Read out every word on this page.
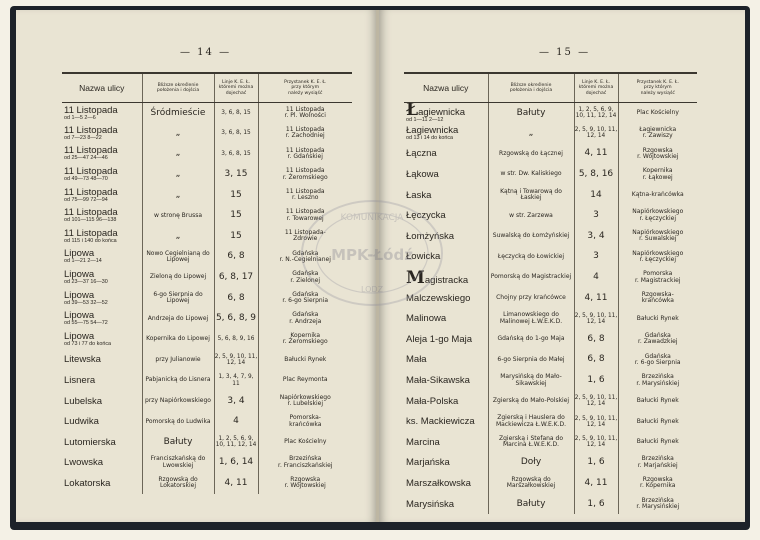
— 14 —
Nazwa ulicy	Bliższe określenie
położenia i dojścia	Linje K. E. Ł.
któremi można
dojechać	Przystanek K. E. Ł.
przy którym
należy wysiąść
11 Listopada
od 1—5 2—6	Śródmieście	3, 6, 8, 15	11 Listopada
r. Pl. Wolności
11 Listopada
od 7—23 8—22	„	3, 6, 8, 15	11 Listopada
r. Zachodniej
11 Listopada
od 25—47 24—46	„	3, 6, 8, 15	11 Listopada
r. Gdańskiej
11 Listopada
od 49—73 48—70	„	3, 15	11 Listopada
r. Żeromskiego
11 Listopada
od 75—99 72—94	„	15	11 Listopada
r. Leszno
11 Listopada
od 101—115 96—138	w stronę Brussa	15	11 Listopada
r. Towarowej
11 Listopada
od 115 i 140 do końca	„	15	11 Listopada-
Zdrowie
Lipowa
od 1—21 2—14	Nowo Cegielnianą do Lipowej	6, 8	Gdańska
r. N.-Cegielnianej
Lipowa
od 23—37 16—30	Zieloną do Lipowej	6, 8, 17	Gdańska
r. Zielonej
Lipowa
od 39—53 32—52	6-go Sierpnia do Lipowej	6, 8	Gdańska
r. 6-go Sierpnia
Lipowa
od 55—75 54—72	Andrzeja do Lipowej	5, 6, 8, 9	Gdańska
r. Andrzeja
Lipowa
od 73 i 77 do końca	Kopernika do Lipowej	5, 6, 8, 9, 16	Kopernika
r. Żeromskiego
Litewska	przy Julianowie	2, 5, 9, 10, 11, 12, 14	Bałucki Rynek
Lisnera	Pabjanicką do Lisnera	1, 3, 4, 7, 9, 11	Plac Reymonta
Lubelska	przy Napiórkowskiego	3, 4	Napiórkowskiego
r. Lubelskiej
Ludwika	Pomorską do Ludwika	4	Pomorska-
krańcówka
Lutomierska	Bałuty	1, 2, 5, 6, 9, 10, 11, 12, 14	Plac Kościelny
Lwowska	Franciszkańską do Lwowskiej	1, 6, 14	Brzezińska
r. Franciszkańskiej
Lokatorska	Rzgowską do Lokatorskiej	4, 11	Rzgowska
r. Wójtowskiej
— 15 —
Nazwa ulicy	Bliższe określenie
położenia i dojścia	Linje K. E. Ł.
któremi można
dojechać	Przystanek K. E. Ł.
przy którym
należy wysiąść
Łagiewnicka
od 1—11 2—12	Bałuty	1, 2, 5, 6, 9, 10, 11, 12, 14	Plac Kościelny
Łagiewnicka
od 13 i 14 do końca	„	2, 5, 9, 10, 11, 12, 14	Łagiewnicka
r. Zawiszy
Łączna	Rzgowską do Łącznej	4, 11	Rzgowska
r. Wójtowskiej
Łąkowa	w str. Dw. Kaliskiego	5, 8, 16	Kopernika
r. Łąkowej
Łaska	Kątną i Towarową do Łaskiej	14	Kątna-krańcówka
Łęczycka	w str. Zarzewa	3	Napiórkowskiego
r. Łęczyckiej
Łomżyńska	Suwalską do Łomżyńskiej	3, 4	Napiórkowskiego
r. Suwalskiej
Łowicka	Łęczycką do Łowickiej	3	Napiórkowskiego
r. Łęczyckiej
Magistracka	Pomorską do Magistrackiej	4	Pomorska
r. Magistrackiej
Malczewskiego	Chojny przy krańcówce	4, 11	Rzgowska-
krańcówka
Malinowa	Limanowskiego do Malinowej Ł.W.E.K.D.	2, 5, 9, 10, 11, 12, 14	Bałucki Rynek
Aleja 1-go Maja	Gdańską do 1-go Maja	6, 8	Gdańska
r. Zawadzkiej
Mała	6-go Sierpnia do Małej	6, 8	Gdańska
r. 6-go Sierpnia
Mała-Sikawska	Marysińską do Mało-Sikawskiej	1, 6	Brzezińska
r. Marysińskiej
Mała-Polska	Zgierską do Mało-Polskiej	2, 5, 9, 10, 11, 12, 14	Bałucki Rynek
ks. Mackiewicza	Zgierską i Hauslera do Mackiewicza Ł.W.E.K.D.	2, 5, 9, 10, 11, 12, 14	Bałucki Rynek
Marcina	Zgierską i Stefana do Marcina Ł.W.E.K.D.	2, 5, 9, 10, 11, 12, 14	Bałucki Rynek
Marjańska	Doły	1, 6	Brzezińska
r. Marjańskiej
Marszałkowska	Rzgowską do Marszałkowskiej	4, 11	Rzgowska
r. Kopernika
Marysińska	Bałuty	1, 6	Brzezińska
r. Marysińskiej
KOMUNIKACJA
MPK-Łódź
LODZ
